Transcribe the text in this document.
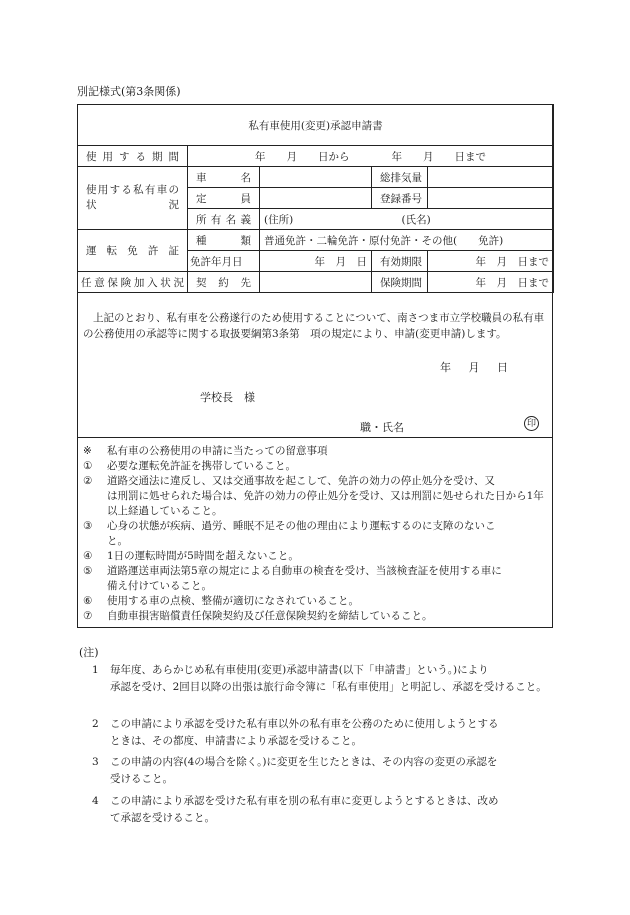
別記様式(第3条関係)
私有車使用(変更)承認申請書				
使用する期間	年　　月　　日から　　　　年　　月　　日まで			
使用する私有車の状況	車名		総排気量	
	定員		登録番号	
	所有名義	(住所)	(氏名)	
運転免許証	種類	普通免許・二輪免許・原付免許・その他(　　免許)		
	免許年月日	年　月　日	有効期限	年　月　日まで
任意保険加入状況	契約先		保険期間	年　月　日まで
上記のとおり、私有車を公務遂行のため使用することについて、南さつま市立学校職員の私有車の公務使用の承認等に関する取扱要綱第3条第　項の規定により、申請(変更申請)します。
年 月 日
学校長　様
職・氏名	印
※ 私有車の公務使用の申請に当たっての留意事項
① 必要な運転免許証を携帯していること。
② 道路交通法に違反し、又は交通事故を起こして、免許の効力の停止処分を受け、又
は刑罰に処せられた場合は、免許の効力の停止処分を受け、又は刑罰に処せられた日から1年以上経過していること。
③ 心身の状態が疾病、過労、睡眠不足その他の理由により運転するのに支障のないこ
と。
④ 1日の運転時間が5時間を超えないこと。
⑤ 道路運送車両法第5章の規定による自動車の検査を受け、当該検査証を使用する車に
備え付けていること。
⑥ 使用する車の点検、整備が適切になされていること。
⑦ 自動車損害賠償責任保険契約及び任意保険契約を締結していること。
(注)
1 毎年度、あらかじめ私有車使用(変更)承認申請書(以下「申請書」という。)により
承認を受け、2回目以降の出張は旅行命令簿に「私有車使用」と明記し、承認を受けること。
2 この申請により承認を受けた私有車以外の私有車を公務のために使用しようとする
ときは、その都度、申請書により承認を受けること。
3 この申請の内容(4の場合を除く。)に変更を生じたときは、その内容の変更の承認を
受けること。
4 この申請により承認を受けた私有車を別の私有車に変更しようとするときは、改め
て承認を受けること。
